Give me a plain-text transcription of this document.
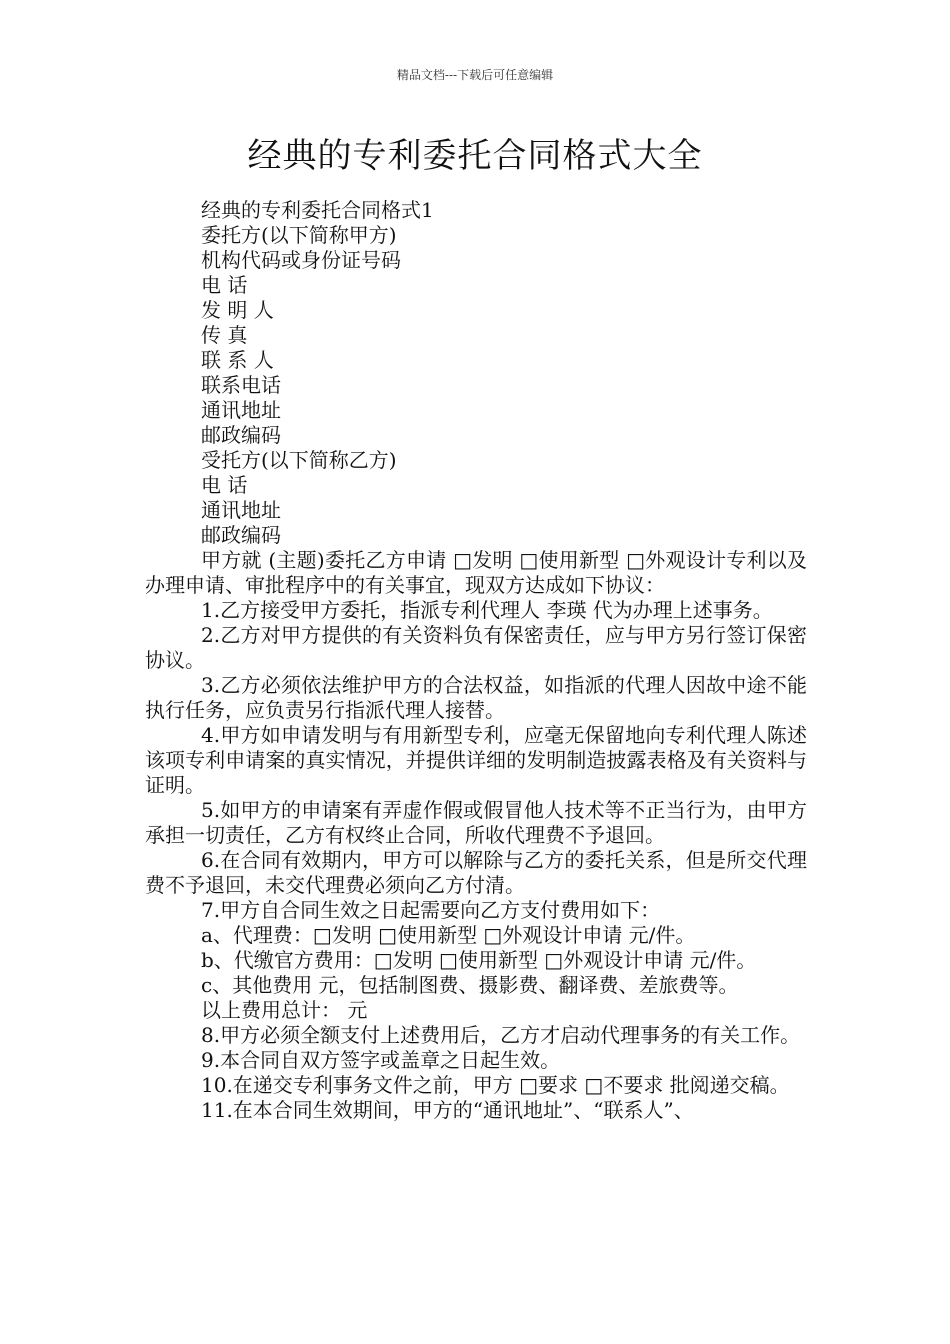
精品文档---下载后可任意编辑
经典的专利委托合同格式大全

经典的专利委托合同格式1

委托方(以下简称甲方)

机构代码或身份证号码

电 话

发 明 人

传 真

联 系 人

联系电话

通讯地址

邮政编码

受托方(以下简称乙方)

电 话

通讯地址

邮政编码

甲方就 (主题)委托乙方申请 □发明 □使用新型 □外观设计专利以及办理申请、审批程序中的有关事宜，现双方达成如下协议：

1.乙方接受甲方委托，指派专利代理人 李瑛 代为办理上述事务。

2.乙方对甲方提供的有关资料负有保密责任，应与甲方另行签订保密协议。

3.乙方必须依法维护甲方的合法权益，如指派的代理人因故中途不能执行任务，应负责另行指派代理人接替。

4.甲方如申请发明与有用新型专利，应毫无保留地向专利代理人陈述该项专利申请案的真实情况，并提供详细的发明制造披露表格及有关资料与证明。

5.如甲方的申请案有弄虚作假或假冒他人技术等不正当行为，由甲方承担一切责任，乙方有权终止合同，所收代理费不予退回。

6.在合同有效期内，甲方可以解除与乙方的委托关系，但是所交代理费不予退回，未交代理费必须向乙方付清。

7.甲方自合同生效之日起需要向乙方支付费用如下：

a、代理费：□发明 □使用新型 □外观设计申请 元/件。

b、代缴官方费用：□发明 □使用新型 □外观设计申请 元/件。

c、其他费用 元，包括制图费、摄影费、翻译费、差旅费等。

以上费用总计： 元

8.甲方必须全额支付上述费用后，乙方才启动代理事务的有关工作。

9.本合同自双方签字或盖章之日起生效。

10.在递交专利事务文件之前，甲方 □要求 □不要求 批阅递交稿。

11.在本合同生效期间，甲方的“通讯地址”、“联系人”、
